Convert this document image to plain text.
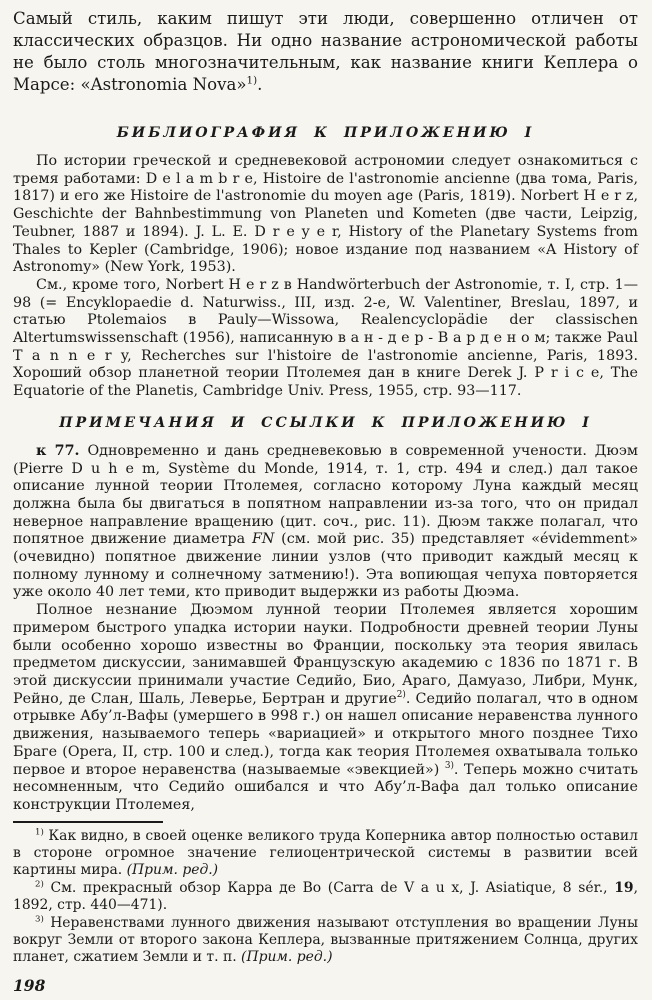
Самый стиль, каким пишут эти люди, совершенно отличен от классических образцов. Ни одно название астрономической работы не было столь многозначительным, как название книги Кеплера о Марсе: «Astronomia Nova»$^{1)}$.

БИБЛИОГРАФИЯ К ПРИЛОЖЕНИЮ I

По истории греческой и средневековой астрономии следует ознакомиться с тремя работами: D e l a m b r e, Histoire de l'astronomie ancienne (два тома, Paris, 1817) и его же Histoire de l'astronomie du moyen age (Paris, 1819). Norbert H e r z, Geschichte der Bahnbestimmung von Planeten und Kometen (две части, Leipzig, Teubner, 1887 и 1894). J. L. E. D r e y e r, History of the Planetary Systems from Thales to Kepler (Cambridge, 1906); новое издание под названием «A History of Astronomy» (New York, 1953).

См., кроме того, Norbert H e r z в Handwörterbuch der Astronomie, т. I, стр. 1—98 (= Encyklopaedie d. Naturwiss., III, изд. 2-е, W. Valentiner, Breslau, 1897, и статью Ptolemaios в Pauly—Wissowa, Realencyclopädie der classischen Altertumswissenschaft (1956), написанную в а н - д е р - В а р д е н о м; также Paul T a n n e r y, Recherches sur l'histoire de l'astronomie ancienne, Paris, 1893. Хороший обзор планетной теории Птолемея дан в книге Derek J. P r i c e, The Equatorie of the Planetis, Cambridge Univ. Press, 1955, стр. 93—117.

ПРИМЕЧАНИЯ И ССЫЛКИ К ПРИЛОЖЕНИЮ I

к 77. Одновременно и дань средневековью в современной учености. Дюэм (Pierre D u h e m, Système du Monde, 1914, т. 1, стр. 494 и след.) дал такое описание лунной теории Птолемея, согласно которому Луна каждый месяц должна была бы двигаться в попятном направлении из-за того, что он придал неверное направление вращению (цит. соч., рис. 11). Дюэм также полагал, что попятное движение диаметра FN (см. мой рис. 35) представляет «évidemment» (очевидно) попятное движение линии узлов (что приводит каждый месяц к полному лунному и солнечному затмению!). Эта вопиющая чепуха повторяется уже около 40 лет теми, кто приводит выдержки из работы Дюэма.

Полное незнание Дюэмом лунной теории Птолемея является хорошим примером быстрого упадка истории науки. Подробности древней теории Луны были особенно хорошо известны во Франции, поскольку эта теория явилась предметом дискуссии, занимавшей Французскую академию с 1836 по 1871 г. В этой дискуссии принимали участие Седийо, Био, Араго, Дамуазо, Либри, Мунк, Рейно, де Слан, Шаль, Леверье, Бертран и другие$^{2)}$. Седийо полагал, что в одном отрывке Абу’л-Вафы (умершего в 998 г.) он нашел описание неравенства лунного движения, называемого теперь «вариацией» и открытого много позднее Тихо Браге (Opera, II, стр. 100 и след.), тогда как теория Птолемея охватывала только первое и второе неравенства (называемые «эвекцией») $^{3)}$. Теперь можно считать несомненным, что Седийо ошибался и что Абу’л-Вафа дал только описание конструкции Птолемея,

$^{1)}$ Как видно, в своей оценке великого труда Коперника автор полностью оставил в стороне огромное значение гелиоцентрической системы в развитии всей картины мира. (Прим. ред.)

$^{2)}$ См. прекрасный обзор Карра де Во (Carra de V a u x, J. Asiatique, 8 sér., 19, 1892, стр. 440—471).

$^{3)}$ Неравенствами лунного движения называют отступления во вращении Луны вокруг Земли от второго закона Кеплера, вызванные притяжением Солнца, других планет, сжатием Земли и т. п. (Прим. ред.)

198
